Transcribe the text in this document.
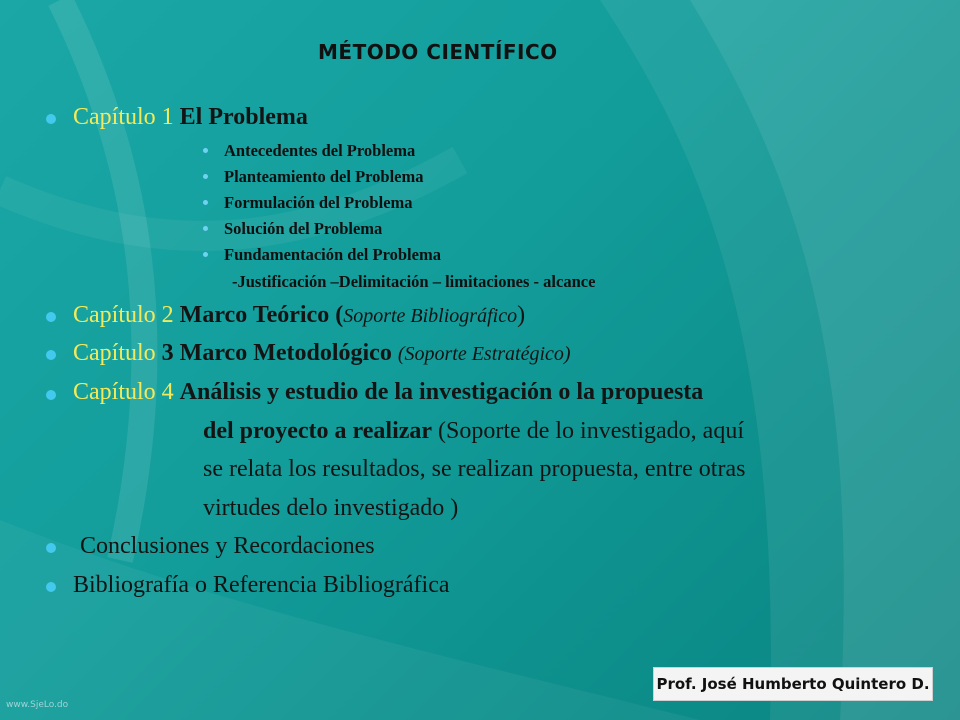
MÉTODO CIENTÍFICO
Capítulo 1 El Problema
Antecedentes del Problema
Planteamiento del Problema
Formulación del Problema
Solución del Problema
Fundamentación del Problema
-Justificación –Delimitación – limitaciones - alcance
Capítulo 2 Marco Teórico (Soporte Bibliográfico)
Capítulo 3 Marco Metodológico (Soporte Estratégico)
Capítulo 4 Análisis y estudio de la investigación o la propuesta
del proyecto a realizar (Soporte de lo investigado, aquí
se relata los resultados, se realizan propuesta, entre otras
virtudes delo investigado )
Conclusiones y Recordaciones
Bibliografía o Referencia Bibliográfica
Prof. José Humberto Quintero D.
www.SjeLo.do
